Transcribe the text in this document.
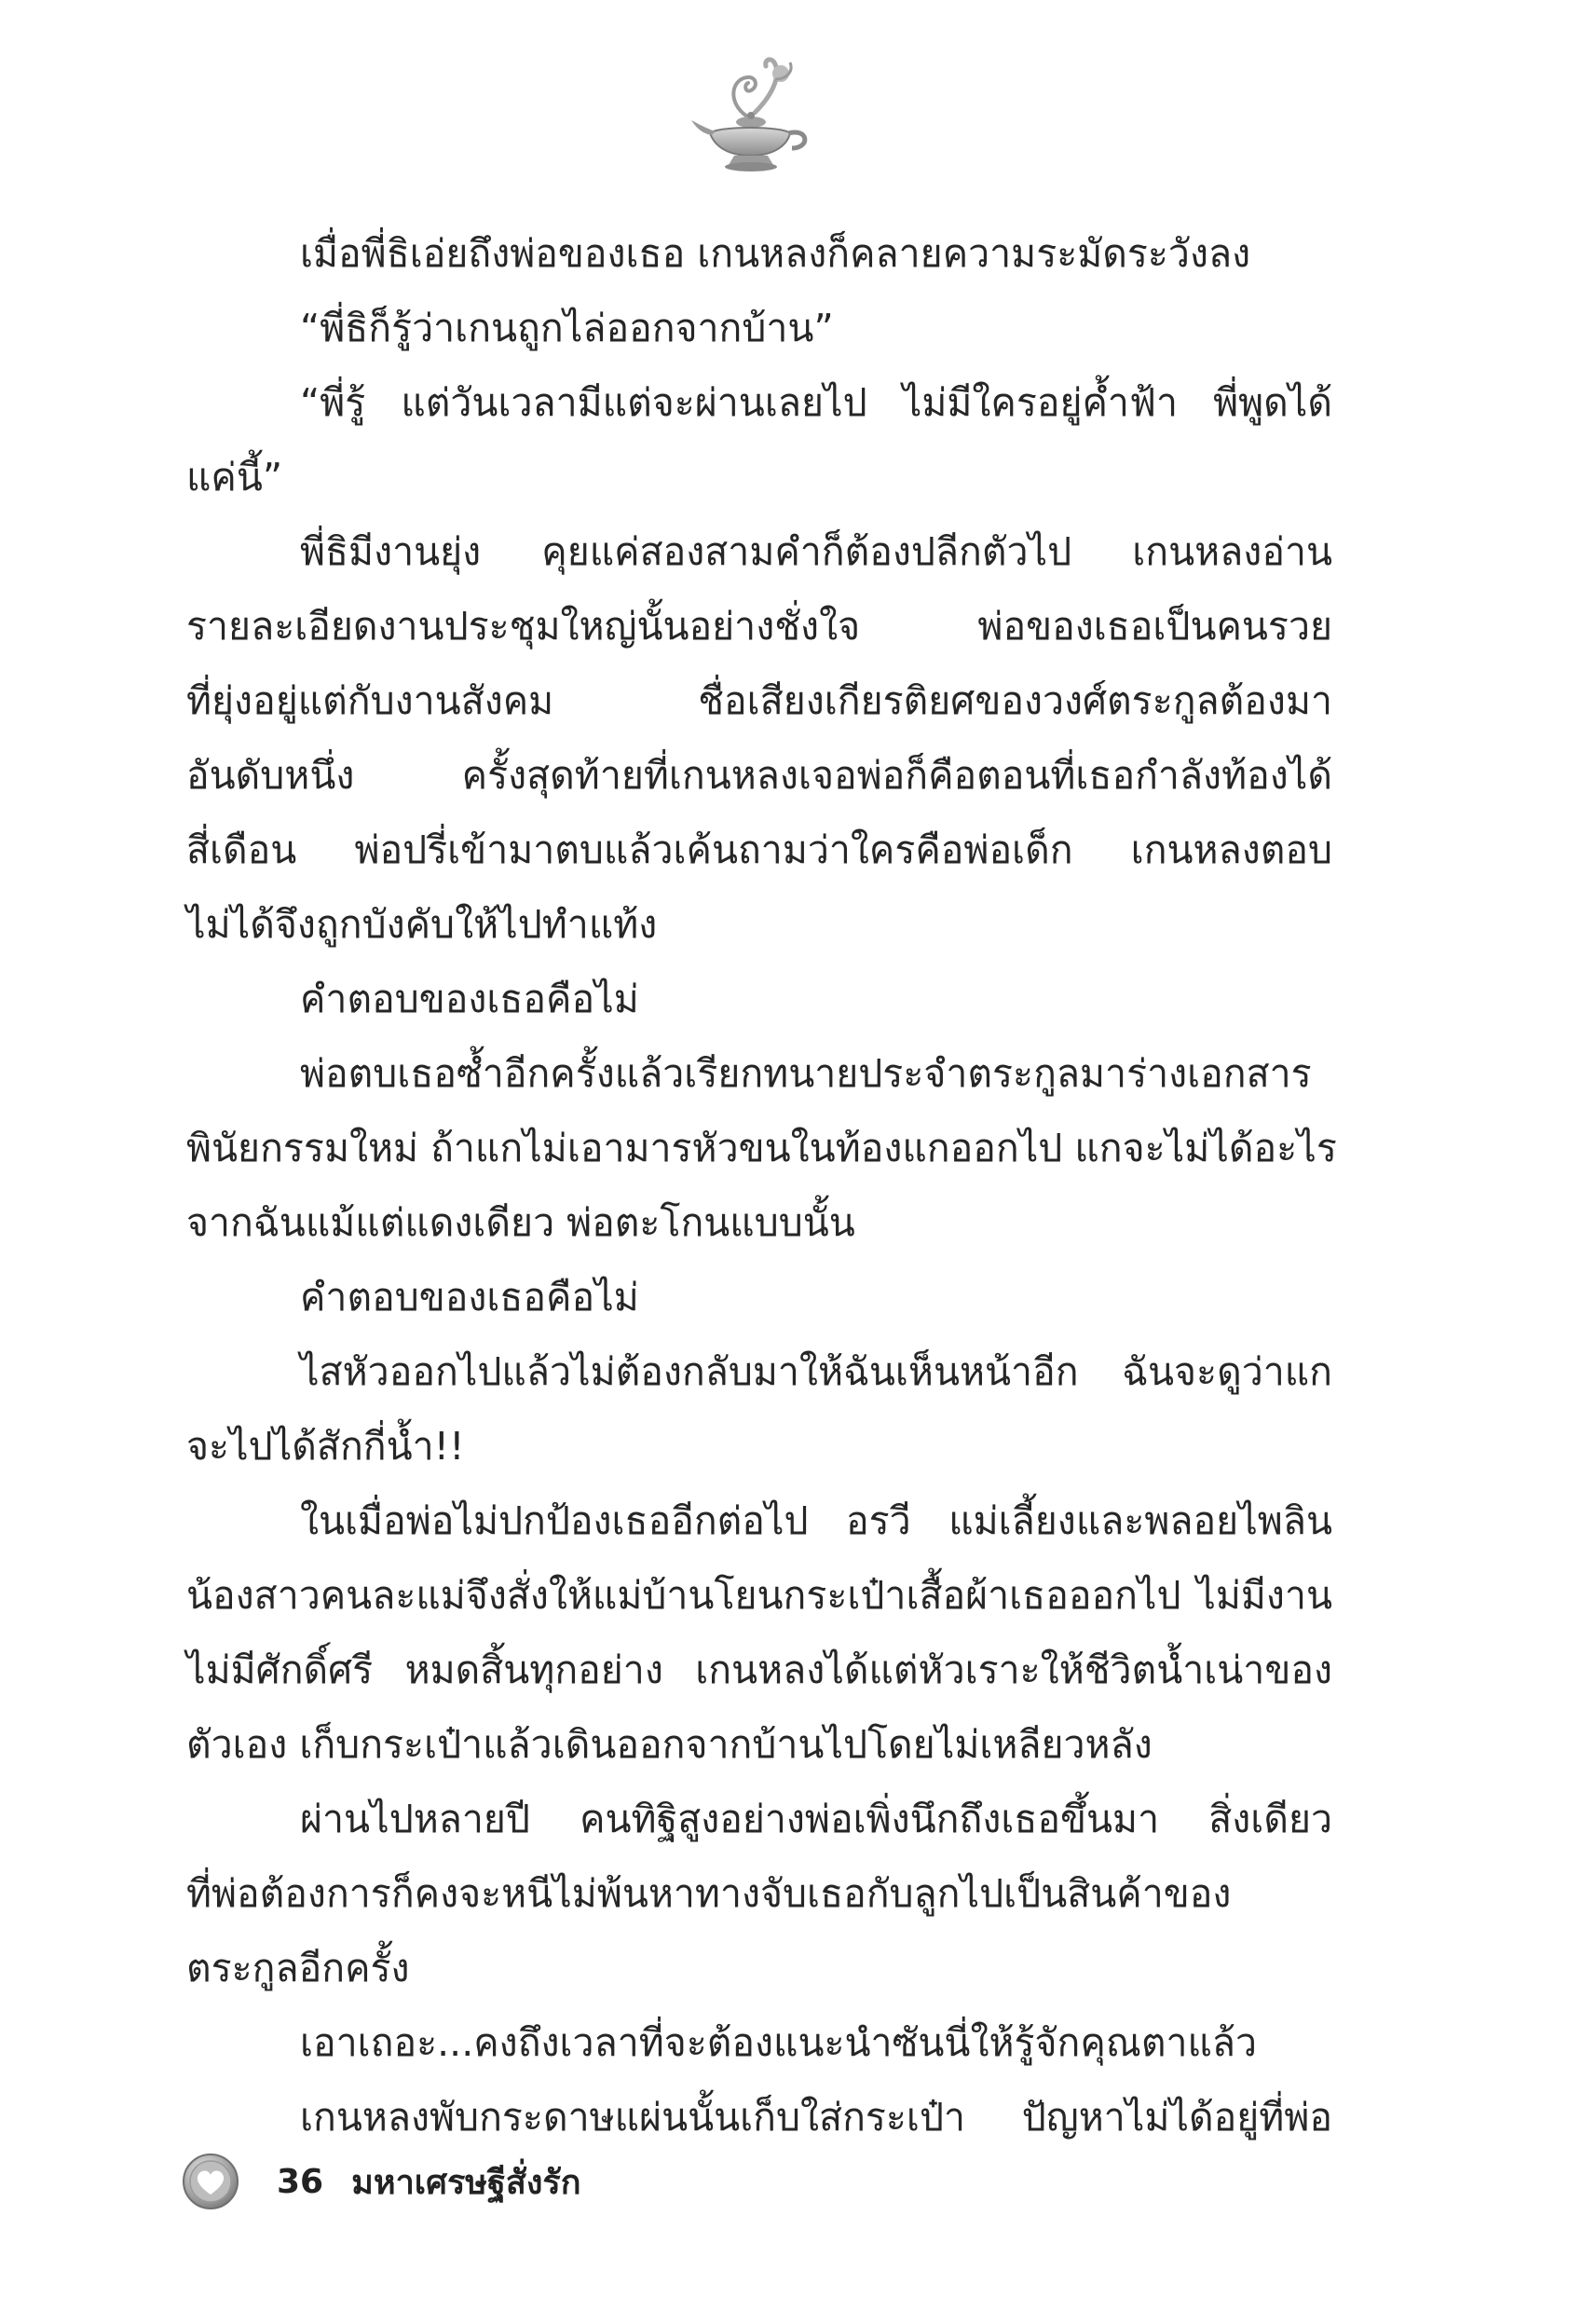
เมื่อพี่ธิเอ่ยถึงพ่อของเธอ เกนหลงก็คลายความระมัดระวังลง
“พี่ธิก็รู้ว่าเกนถูกไล่ออกจากบ้าน”
“พี่รู้ แต่วันเวลามีแต่จะผ่านเลยไป ไม่มีใครอยู่ค้ำฟ้า พี่พูดได้
แค่นี้”
พี่ธิมีงานยุ่ง คุยแค่สองสามคำก็ต้องปลีกตัวไป เกนหลงอ่าน
รายละเอียดงานประชุมใหญ่นั้นอย่างชั่งใจ พ่อของเธอเป็นคนรวย
ที่ยุ่งอยู่แต่กับงานสังคม ชื่อเสียงเกียรติยศของวงศ์ตระกูลต้องมา
อันดับหนึ่ง ครั้งสุดท้ายที่เกนหลงเจอพ่อก็คือตอนที่เธอกำลังท้องได้
สี่เดือน พ่อปรี่เข้ามาตบแล้วเค้นถามว่าใครคือพ่อเด็ก เกนหลงตอบ
ไม่ได้จึงถูกบังคับให้ไปทำแท้ง
คำตอบของเธอคือไม่
พ่อตบเธอซ้ำอีกครั้งแล้วเรียกทนายประจำตระกูลมาร่างเอกสาร
พินัยกรรมใหม่ ถ้าแกไม่เอามารหัวขนในท้องแกออกไป แกจะไม่ได้อะไร
จากฉันแม้แต่แดงเดียว พ่อตะโกนแบบนั้น
คำตอบของเธอคือไม่
ไสหัวออกไปแล้วไม่ต้องกลับมาให้ฉันเห็นหน้าอีก ฉันจะดูว่าแก
จะไปได้สักกี่น้ำ!!
ในเมื่อพ่อไม่ปกป้องเธออีกต่อไป อรวี แม่เลี้ยงและพลอยไพลิน
น้องสาวคนละแม่จึงสั่งให้แม่บ้านโยนกระเป๋าเสื้อผ้าเธอออกไป ไม่มีงาน
ไม่มีศักดิ์ศรี หมดสิ้นทุกอย่าง เกนหลงได้แต่หัวเราะให้ชีวิตน้ำเน่าของ
ตัวเอง เก็บกระเป๋าแล้วเดินออกจากบ้านไปโดยไม่เหลียวหลัง
ผ่านไปหลายปี คนทิฐิสูงอย่างพ่อเพิ่งนึกถึงเธอขึ้นมา สิ่งเดียว
ที่พ่อต้องการก็คงจะหนีไม่พ้นหาทางจับเธอกับลูกไปเป็นสินค้าของ
ตระกูลอีกครั้ง
เอาเถอะ...คงถึงเวลาที่จะต้องแนะนำซันนี่ให้รู้จักคุณตาแล้ว
เกนหลงพับกระดาษแผ่นนั้นเก็บใส่กระเป๋า ปัญหาไม่ได้อยู่ที่พ่อ
36 มหาเศรษฐีสั่งรัก
